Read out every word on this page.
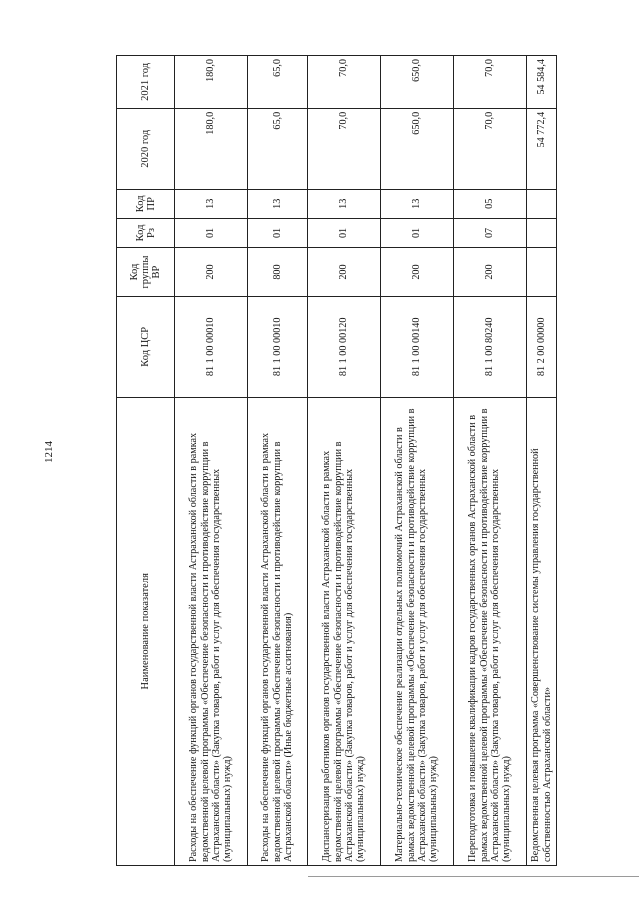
1214
Наименование показателя	Код ЦСР	Код группы ВР	Код Рз	Код ПР	2020 год	2021 год
Расходы на обеспечение функций органов государственной власти Астраханской области в рамках ведомственной целевой программы «Обеспечение безопасности и противодействие коррупции в Астраханской области» (Закупка товаров, работ и услуг для обеспечения государственных (муниципальных) нужд)	81 1 00 00010	200	01	13	180,0	180,0
Расходы на обеспечение функций органов государственной власти Астраханской области в рамках ведомственной целевой программы «Обеспечение безопасности и противодействие коррупции в Астраханской области» (Иные бюджетные ассигнования)	81 1 00 00010	800	01	13	65,0	65,0
Диспансеризация работников органов государственной власти Астраханской области в рамках ведомственной целевой программы «Обеспечение безопасности и противодействие коррупции в Астраханской области» (Закупка товаров, работ и услуг для обеспечения государственных (муниципальных) нужд)	81 1 00 00120	200	01	13	70,0	70,0
Материально-техническое обеспечение реализации отдельных полномочий Астраханской области в рамках ведомственной целевой программы «Обеспечение безопасности и противодействие коррупции в Астраханской области» (Закупка товаров, работ и услуг для обеспечения государственных (муниципальных) нужд)	81 1 00 00140	200	01	13	650,0	650,0
Переподготовка и повышение квалификации кадров государственных органов Астраханской области в рамках ведомственной целевой программы «Обеспечение безопасности и противодействие коррупции в Астраханской области» (Закупка товаров, работ и услуг для обеспечения государственных (муниципальных) нужд)	81 1 00 80240	200	07	05	70,0	70,0
Ведомственная целевая программа «Совершенствование системы управления государственной собственностью Астраханской области»	81 2 00 00000				54 772,4	54 584,4
